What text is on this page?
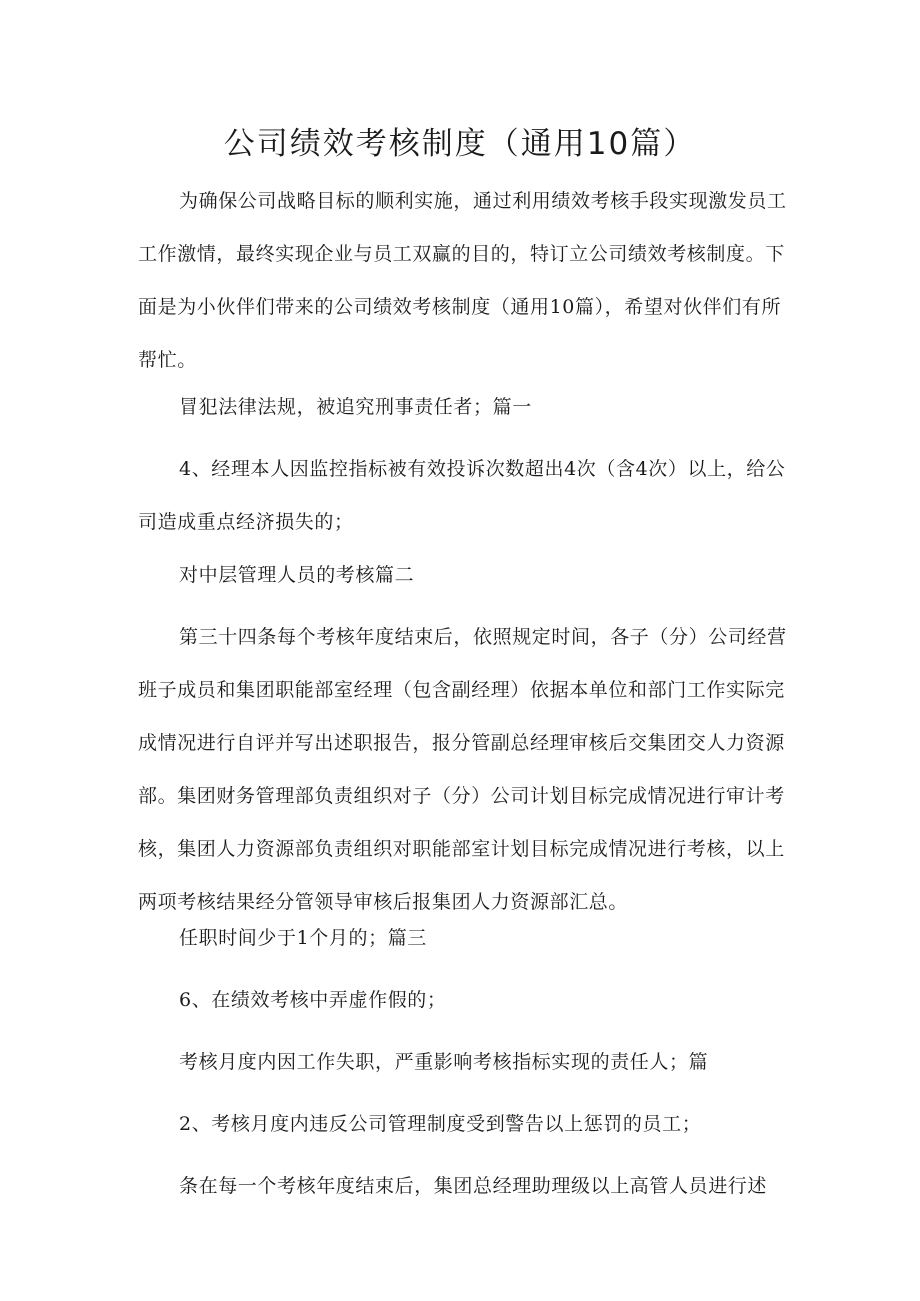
公司绩效考核制度（通用10篇）

为确保公司战略目标的顺利实施，通过利用绩效考核手段实现激发员工工作激情，最终实现企业与员工双赢的目的，特订立公司绩效考核制度。下面是为小伙伴们带来的公司绩效考核制度（通用10篇），希望对伙伴们有所帮忙。

冒犯法律法规，被追究刑事责任者；篇一

4、经理本人因监控指标被有效投诉次数超出4次（含4次）以上，给公司造成重点经济损失的；

对中层管理人员的考核篇二

第三十四条每个考核年度结束后，依照规定时间，各子（分）公司经营班子成员和集团职能部室经理（包含副经理）依据本单位和部门工作实际完成情况进行自评并写出述职报告，报分管副总经理审核后交集团交人力资源部。集团财务管理部负责组织对子（分）公司计划目标完成情况进行审计考核，集团人力资源部负责组织对职能部室计划目标完成情况进行考核，以上两项考核结果经分管领导审核后报集团人力资源部汇总。

任职时间少于1个月的；篇三

6、在绩效考核中弄虚作假的；

考核月度内因工作失职，严重影响考核指标实现的责任人；篇

2、考核月度内违反公司管理制度受到警告以上惩罚的员工；

条在每一个考核年度结束后，集团总经理助理级以上高管人员进行述
